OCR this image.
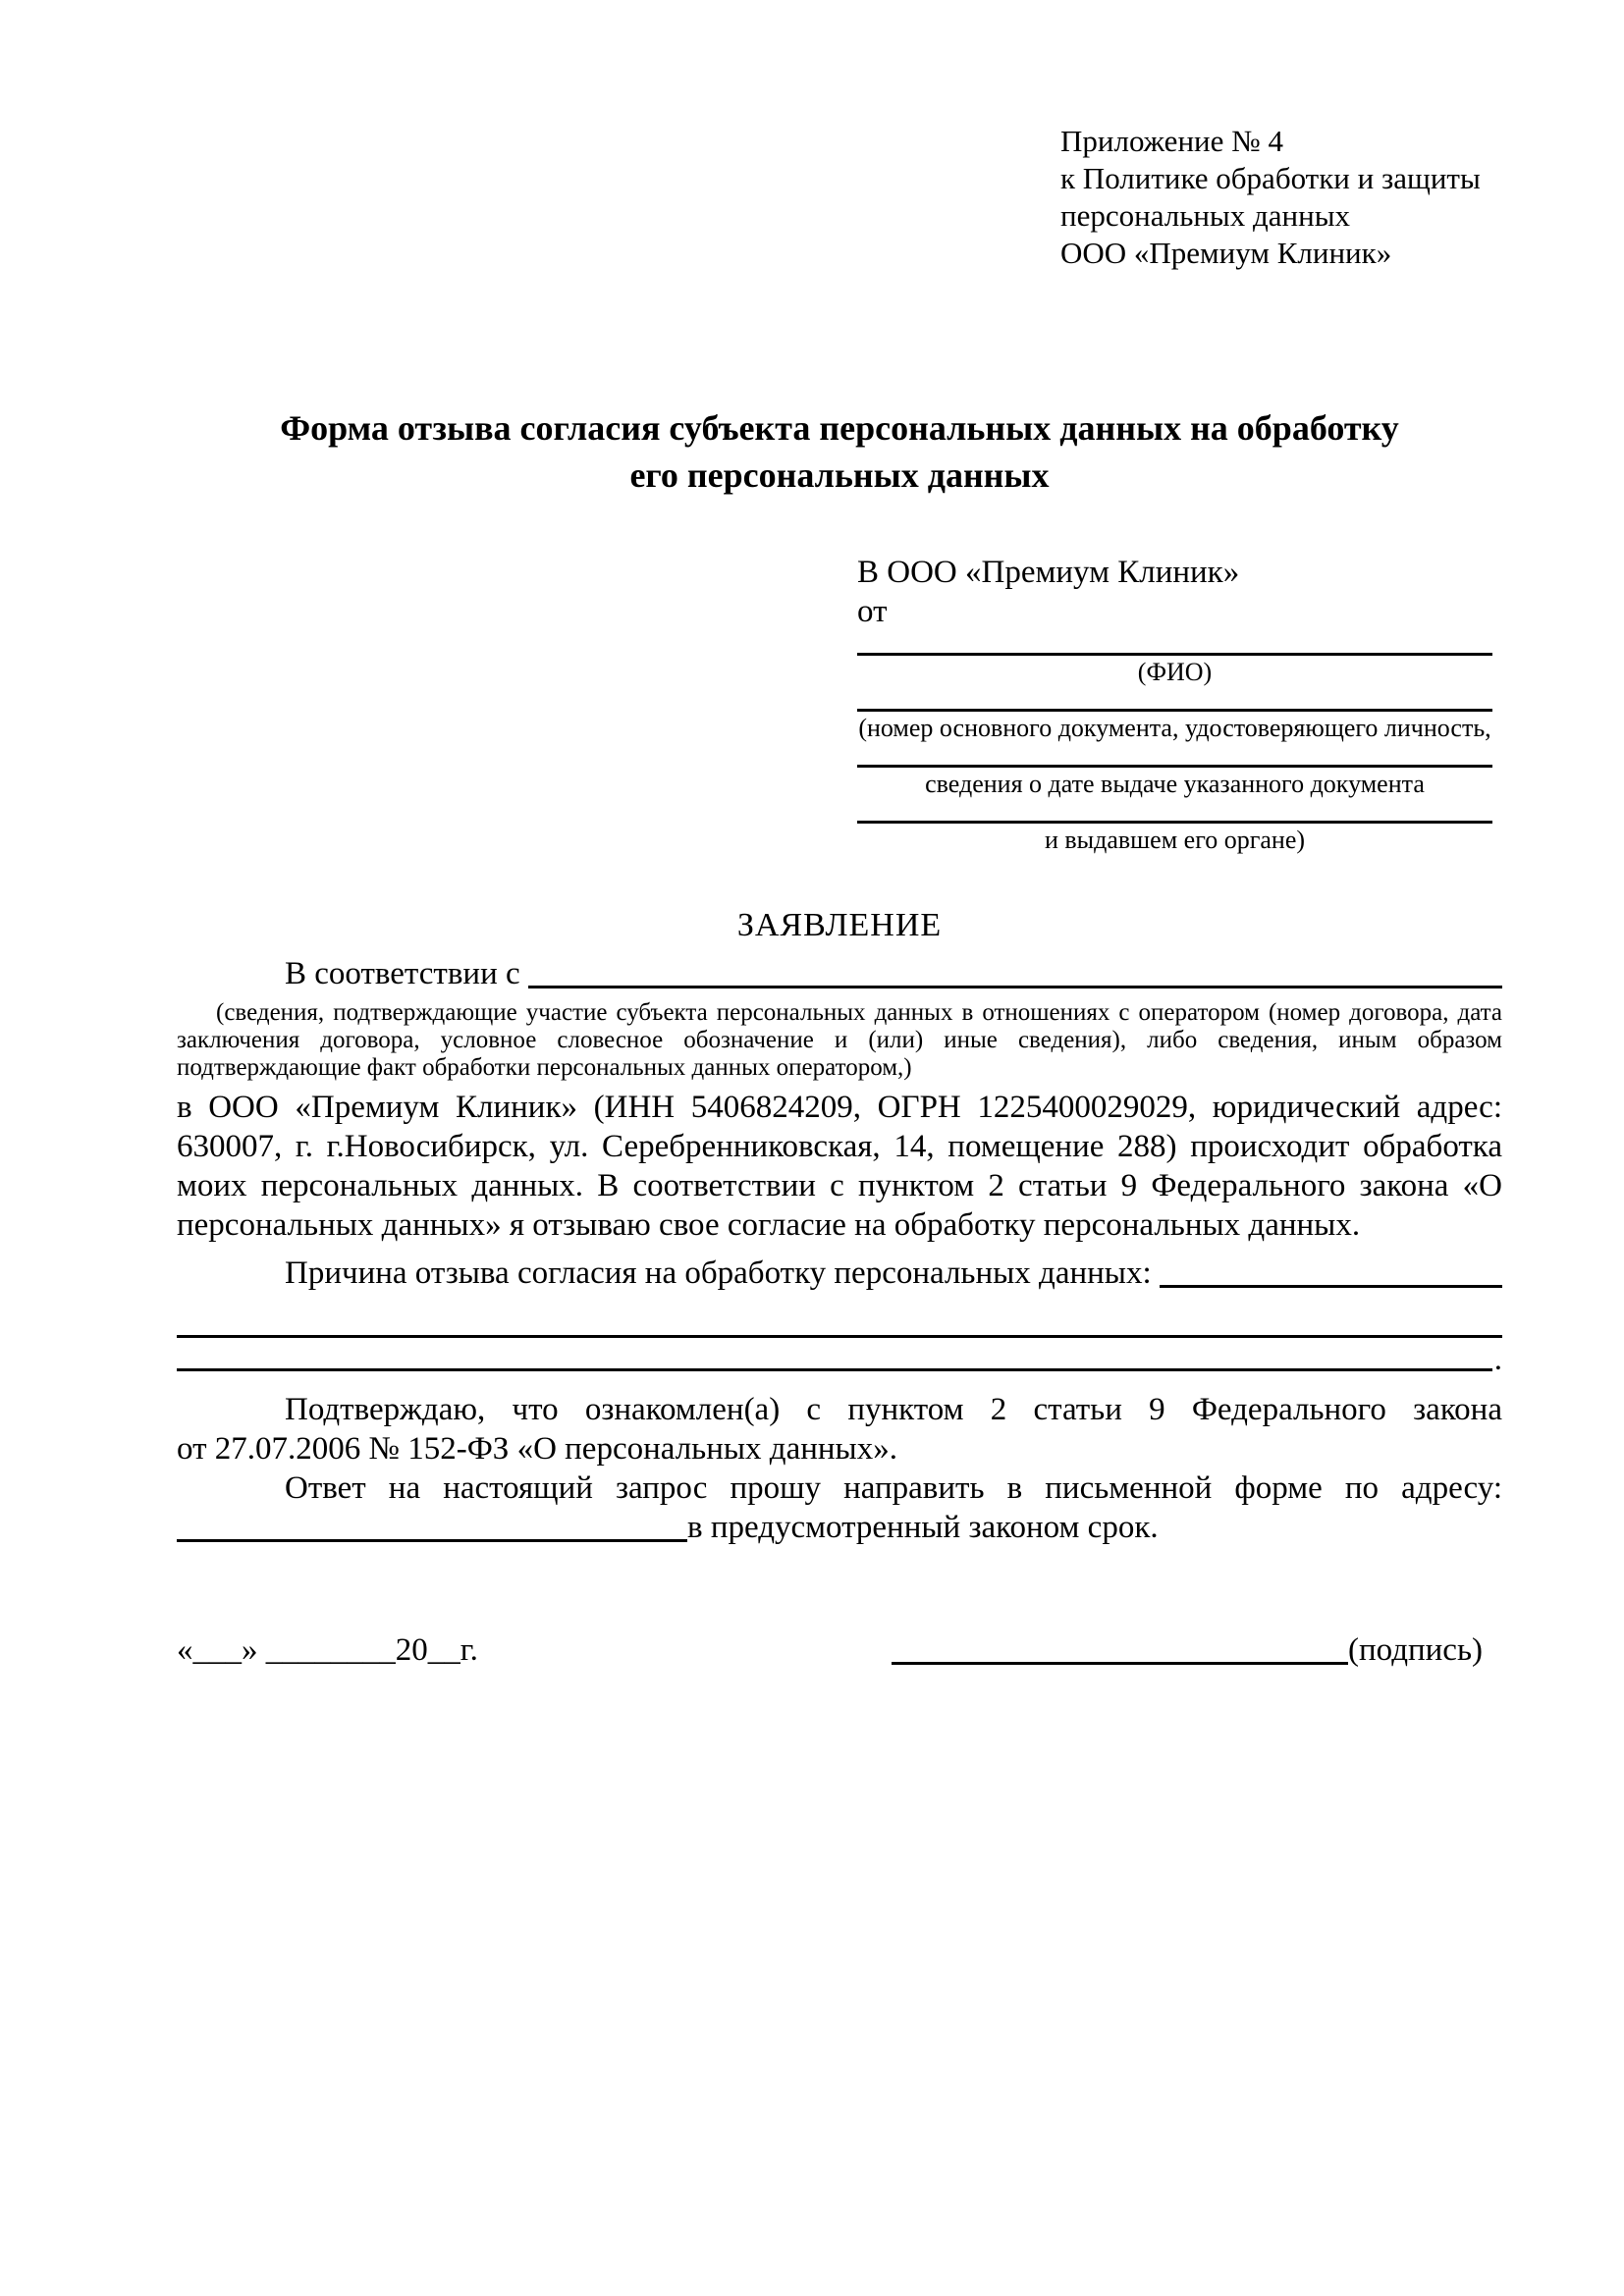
Приложение № 4
к Политике обработки и защиты
персональных данных
ООО «Премиум Клиник»
Форма отзыва согласия субъекта персональных данных на обработку
его персональных данных
В ООО «Премиум Клиник»
от
(ФИО)
(номер основного документа, удостоверяющего личность,
сведения о дате выдаче указанного документа
и выдавшем его органе)
ЗАЯВЛЕНИЕ
В соответствии с

(сведения, подтверждающие участие субъекта персональных данных в отношениях с оператором (номер договора, дата заключения договора, условное словесное обозначение и (или) иные сведения), либо сведения, иным образом подтверждающие факт обработки персональных данных оператором,)

в ООО «Премиум Клиник» (ИНН 5406824209, ОГРН 1225400029029, юридический адрес: 630007, г. г.Новосибирск, ул. Серебренниковская, 14, помещение 288) происходит обработка моих персональных данных. В соответствии с пунктом 2 статьи 9 Федерального закона «О персональных данных» я отзываю свое согласие на обработку персональных данных.

Причина отзыва согласия на обработку персональных данных:
.

Подтверждаю, что ознакомлен(а) с пунктом 2 статьи 9 Федерального закона

от 27.07.2006 № 152-ФЗ «О персональных данных».

Ответ на настоящий запрос прошу направить в письменной форме по адресу:

в предусмотренный законом срок.
«___» ________20__г.	(подпись)
